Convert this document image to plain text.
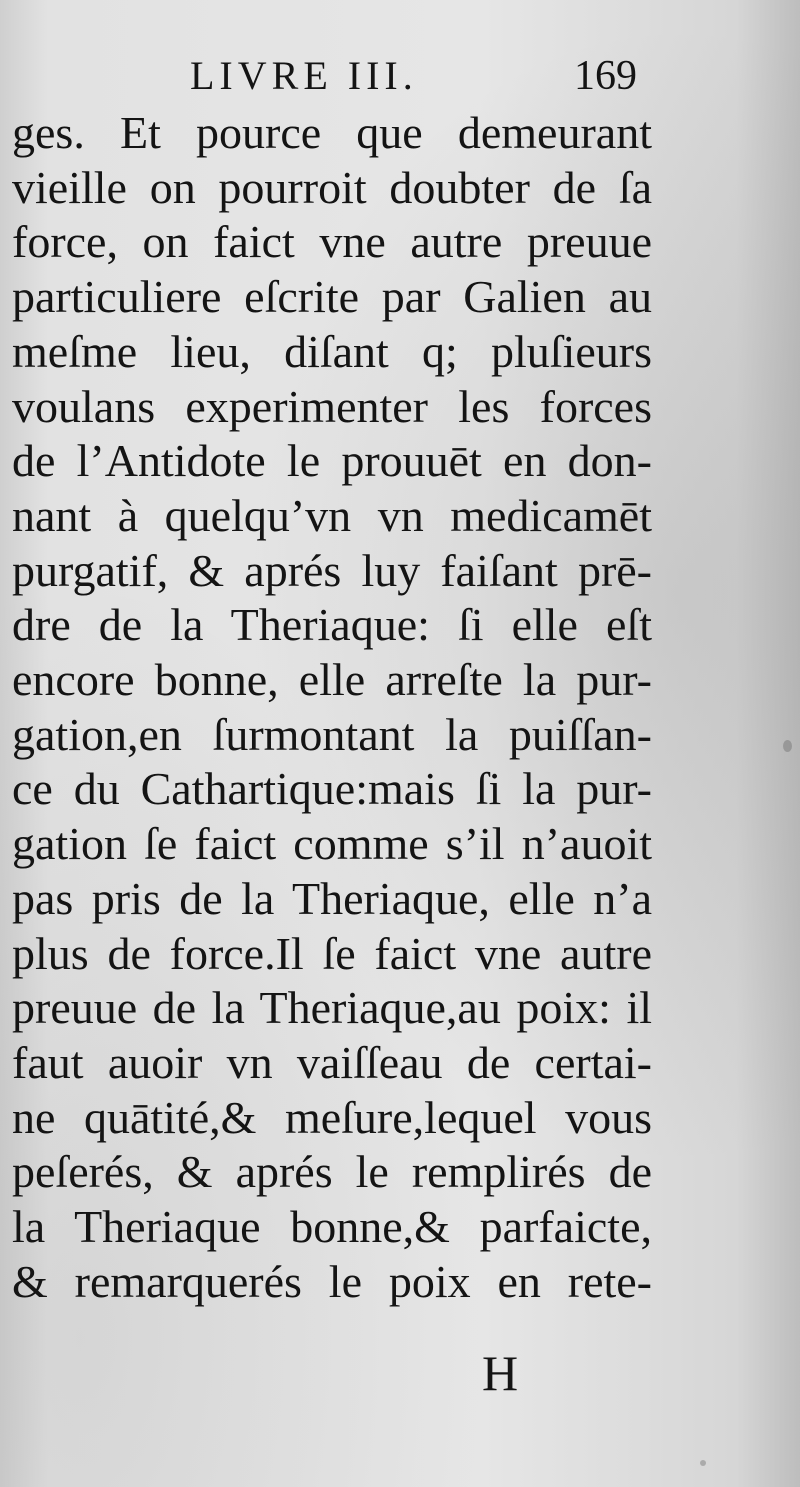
LIVRE III.	169
ges. Et pource que demeurant
vieille on pourroit doubter de ſa
force, on faict vne autre preuue
particuliere eſcrite par Galien au
meſme lieu, diſant q; pluſieurs
voulans experimenter les forces
de l’Antidote le prouuēt en don-
nant à quelqu’vn vn medicamēt
purgatif, & aprés luy faiſant prē-
dre de la Theriaque: ſi elle eſt
encore bonne, elle arreſte la pur-
gation,en ſurmontant la puiſſan-
ce du Cathartique:mais ſi la pur-
gation ſe faict comme s’il n’auoit
pas pris de la Theriaque, elle n’a
plus de force.Il ſe faict vne autre
preuue de la Theriaque,au poix: il
faut auoir vn vaiſſeau de certai-
ne quātité,& meſure,lequel vous
peſerés, & aprés le remplirés de
la Theriaque bonne,& parfaicte,
& remarquerés le poix en rete-
H
